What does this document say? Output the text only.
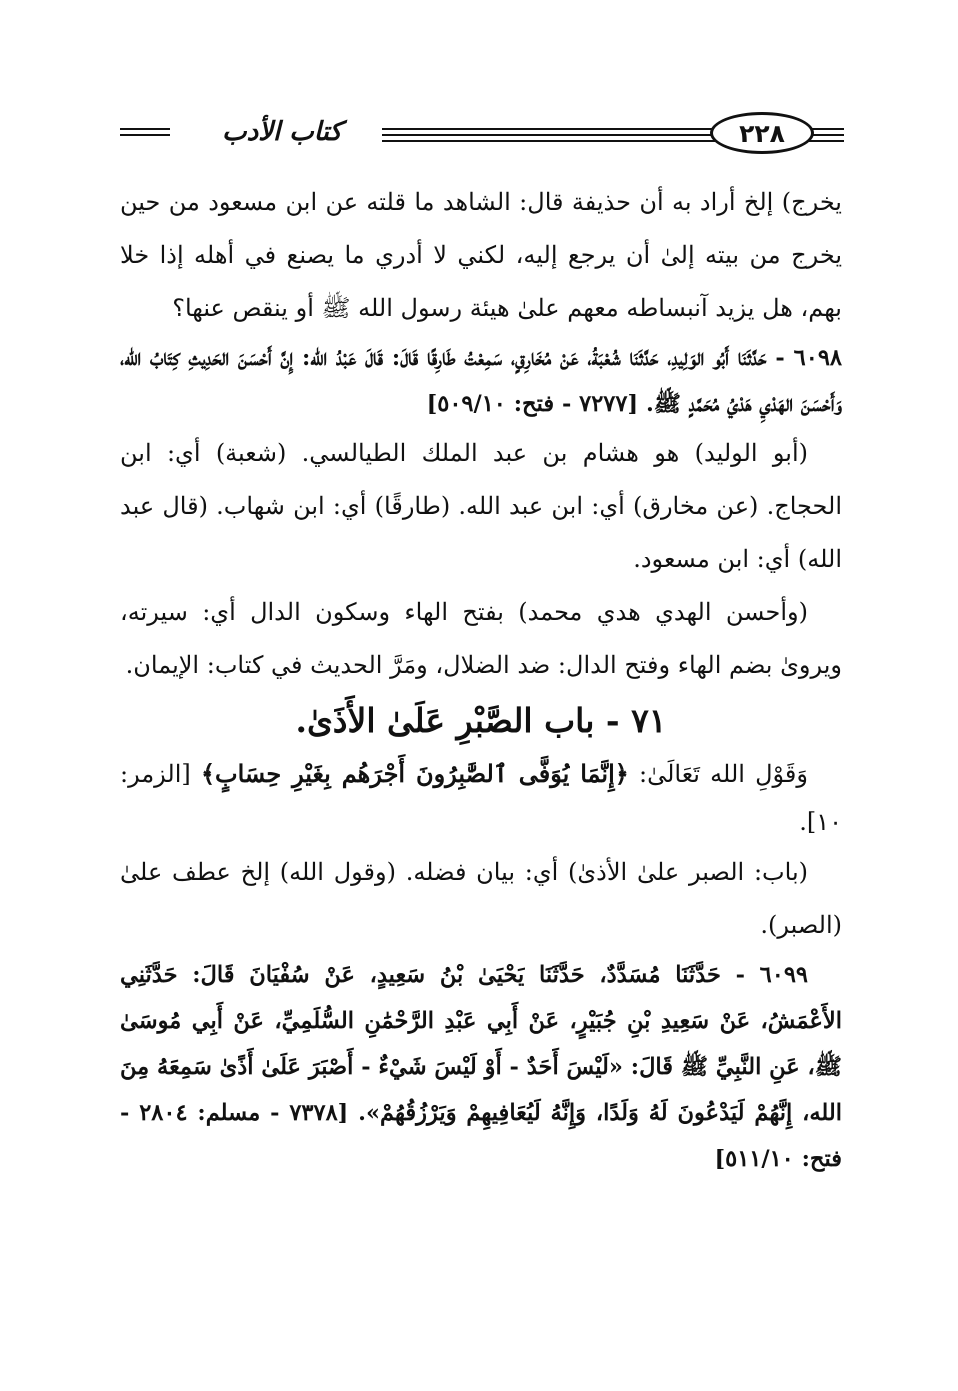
٢٢٨
كتاب الأدب

يخرج) إلخ أراد به أن حذيفة قال: الشاهد ما قلته عن ابن مسعود من حين يخرج من بيته إلىٰ أن يرجع إليه، لكني لا أدري ما يصنع في أهله إذا خلا بهم، هل يزيد آنبساطه معهم علىٰ هيئة رسول الله ﷺ أو ينقص عنها؟

٦٠٩٨ - حَدَّثَنَا أَبُو الوَلِيدِ، حَدَّثَنَا شُعْبَةُ، عَنْ مُخَارِقٍ، سَمِعْتُ طَارِقًا قَالَ: قَالَ عَبْدُ الله: إِنَّ أَحْسَنَ الحَدِيثِ كِتَابُ الله، وَأَحْسَنَ الهَدْيِ هَدْيُ مُحَمَّدٍ ﷺ. [٧٢٧٧ - فتح: ٥٠٩/١٠]

(أبو الوليد) هو هشام بن عبد الملك الطيالسي. (شعبة) أي: ابن الحجاج. (عن مخارق) أي: ابن عبد الله. (طارقًا) أي: ابن شهاب. (قال عبد الله) أي: ابن مسعود.

(وأحسن الهدي هدي محمد) بفتح الهاء وسكون الدال أي: سيرته، ويروىٰ بضم الهاء وفتح الدال: ضد الضلال، ومَرَّ الحديث في كتاب: الإيمان.

٧١ - باب الصَّبْرِ عَلَىٰ الأَذَىٰ.

وَقَوْلِ الله تَعَالَىٰ: ﴿إِنَّمَا يُوَفَّى ٱلصَّٰبِرُونَ أَجْرَهُم بِغَيْرِ حِسَابٍ﴾ [الزمر: ١٠].

(باب: الصبر علىٰ الأذىٰ) أي: بيان فضله. (وقول الله) إلخ عطف علىٰ (الصبر).

٦٠٩٩ - حَدَّثَنَا مُسَدَّدٌ، حَدَّثَنَا يَحْيَىٰ بْنُ سَعِيدٍ، عَنْ سُفْيَانَ قَالَ: حَدَّثَنِي الأَعْمَشُ، عَنْ سَعِيدِ بْنِ جُبَيْرٍ، عَنْ أَبِي عَبْدِ الرَّحْمَٰنِ السُّلَمِيِّ، عَنْ أَبِي مُوسَىٰ ﷺ، عَنِ النَّبِيِّ ﷺ قَالَ: «لَيْسَ أَحَدٌ - أَوْ لَيْسَ شَيْءٌ - أَصْبَرَ عَلَىٰ أَذًىٰ سَمِعَهُ مِنَ الله، إِنَّهُمْ لَيَدْعُونَ لَهُ وَلَدًا، وَإِنَّهُ لَيُعَافِيهِمْ وَيَرْزُقُهُمْ». [٧٣٧٨ - مسلم: ٢٨٠٤ - فتح: ٥١١/١٠]
